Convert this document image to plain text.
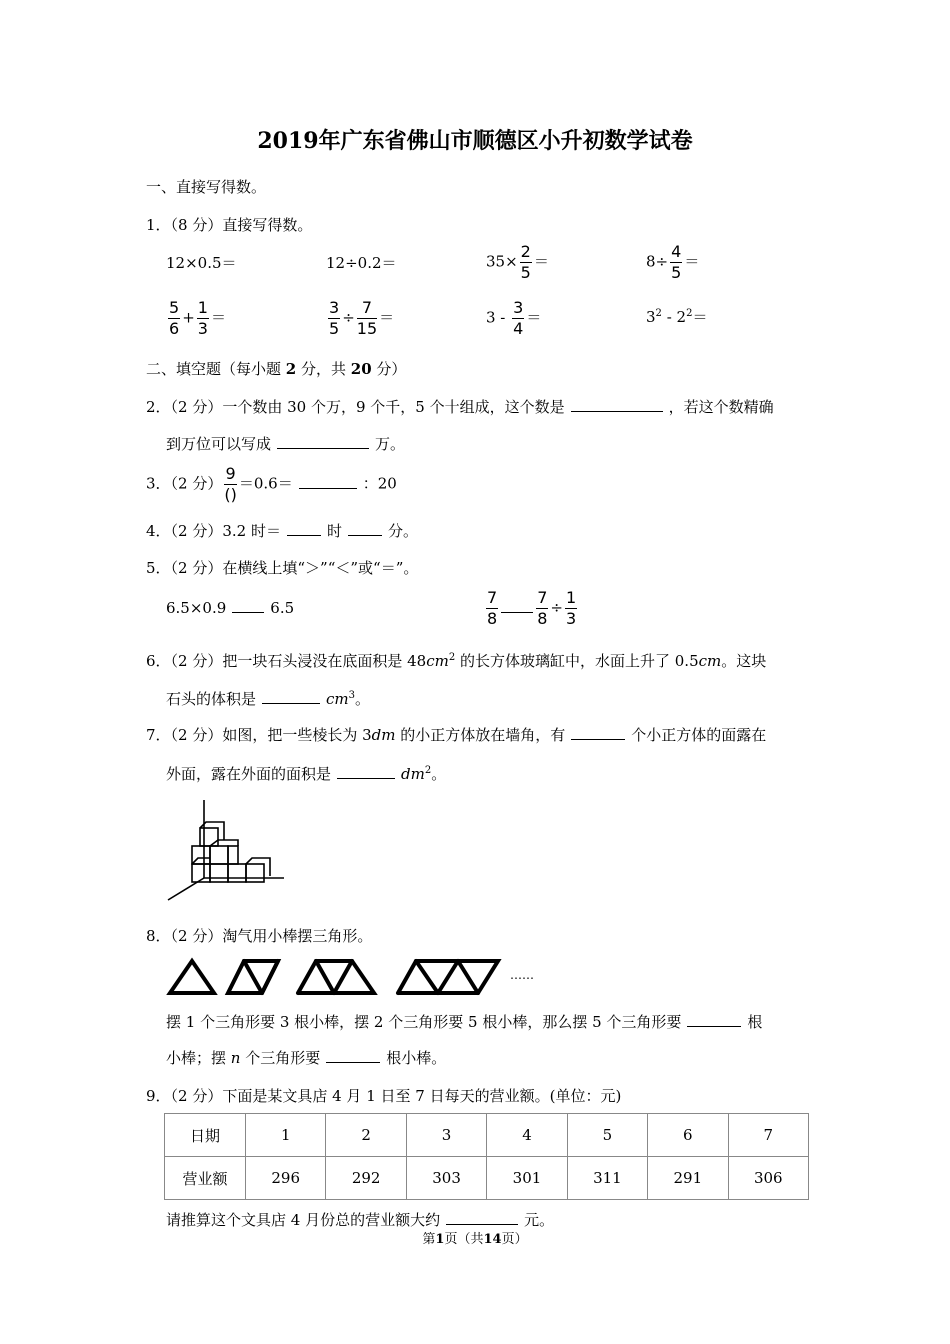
2019年广东省佛山市顺德区小升初数学试卷
一、直接写得数。
1．（8 分）直接写得数。
12×0.5＝	12÷0.2＝	$35\times \frac{2}{5}$ ＝	$8\div \frac{4}{5}$ ＝
$\frac{5}{6} + \frac{1}{3}$ ＝	$\frac{3}{5} \div \frac{7}{15}$ ＝	$3 - \frac{3}{4}$ ＝	$3^2 - 2^2=$
二、填空题（每小题 2 分，共 20 分）
2．（2 分）一个数由 30 个万，9 个千，5 个十组成，这个数是	，若这个数精确
到万位可以写成	万。
3．（2 分） $\frac{9}{()} =0.6=$	：20
4．（2 分）3.2 时＝	时	分。
5．（2 分）在横线上填“＞”“＜”或“＝”。
6.5×0.9	6.5	$\frac{7}{8} \frac{7}{8} \div \frac{1}{3}$
6．（2 分）把一块石头浸没在底面积是 $48cm^2$ 的长方体玻璃缸中，水面上升了 0.5cm。这块
石头的体积是	$cm^3$。
7．（2 分）如图，把一些棱长为 3dm 的小正方体放在墙角，有	个小正方体的面露在
外面，露在外面的面积是	$dm^2$。
8．（2 分）淘气用小棒摆三角形。
……
摆 1 个三角形要 3 根小棒，摆 2 个三角形要 5 根小棒，那么摆 5 个三角形要	根
小棒；摆 n 个三角形要	根小棒。
9．（2 分）下面是某文具店 4 月 1 日至 7 日每天的营业额。(单位：元)
日期	1	2	3	4	5	6	7
营业额	296	292	303	301	311	291	306
请推算这个文具店 4 月份总的营业额大约	元。
第1页（共14页）
